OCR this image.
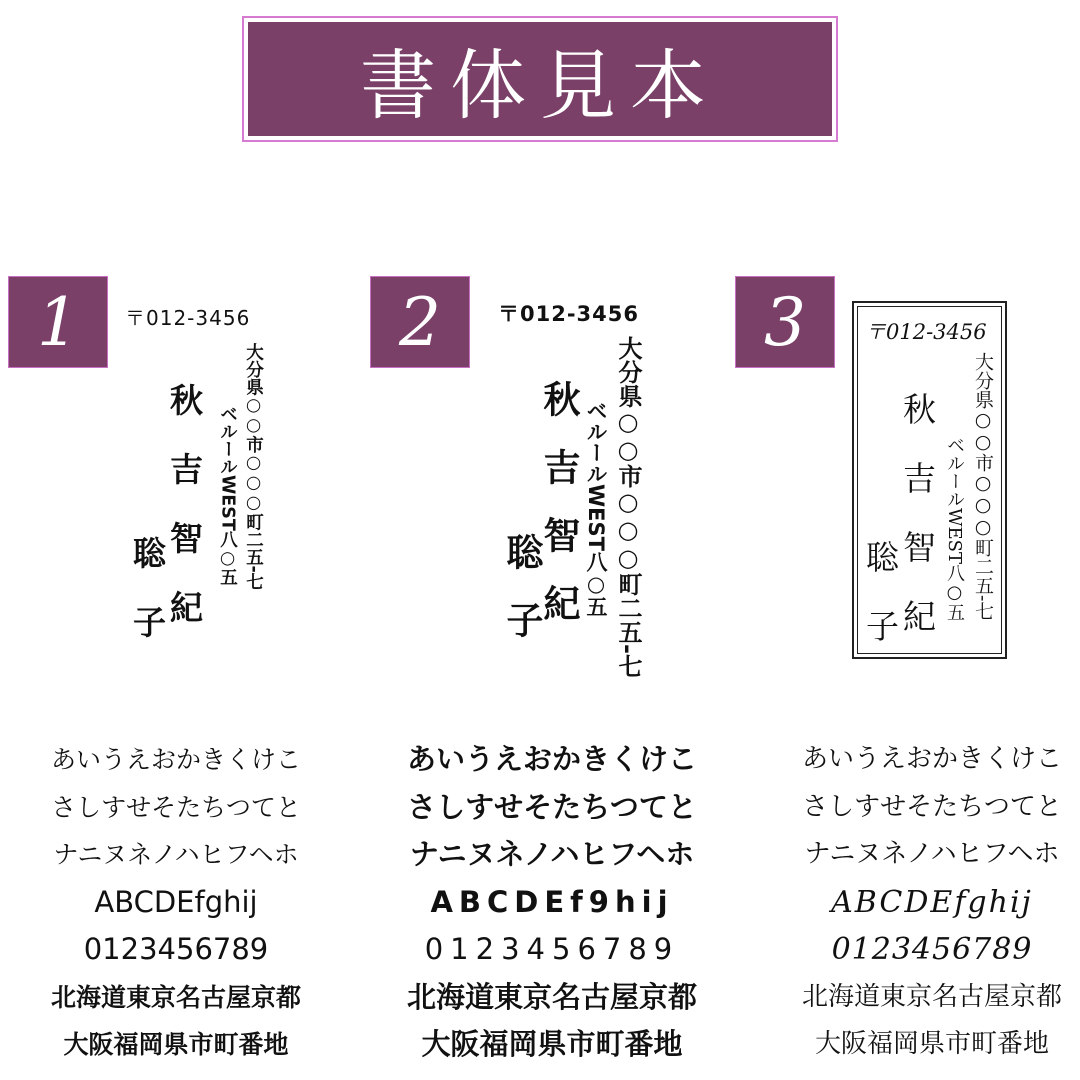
書体見本
1	2	3
〒012-3456
大分県○○市○○○町二五-七
ベルールWEST八○五
秋吉智紀
聡子
〒012-3456
大分県○○市○○○町二五-七
ベルールWEST八○五
秋吉智紀
聡子
〒012-3456
大分県○○市○○○町二五-七
ベルールWEST八○五
秋吉智紀
聡子
あいうえおかきくけこ
さしすせそたちつてと
ナニヌネノハヒフヘホ
ABCDEfghij
0123456789
北海道東京名古屋京都
大阪福岡県市町番地
あいうえおかきくけこ
さしすせそたちつてと
ナニヌネノハヒフヘホ
ABCDEf9hij
0123456789
北海道東京名古屋京都
大阪福岡県市町番地
あいうえおかきくけこ
さしすせそたちつてと
ナニヌネノハヒフヘホ
ABCDEfghij
0123456789
北海道東京名古屋京都
大阪福岡県市町番地
